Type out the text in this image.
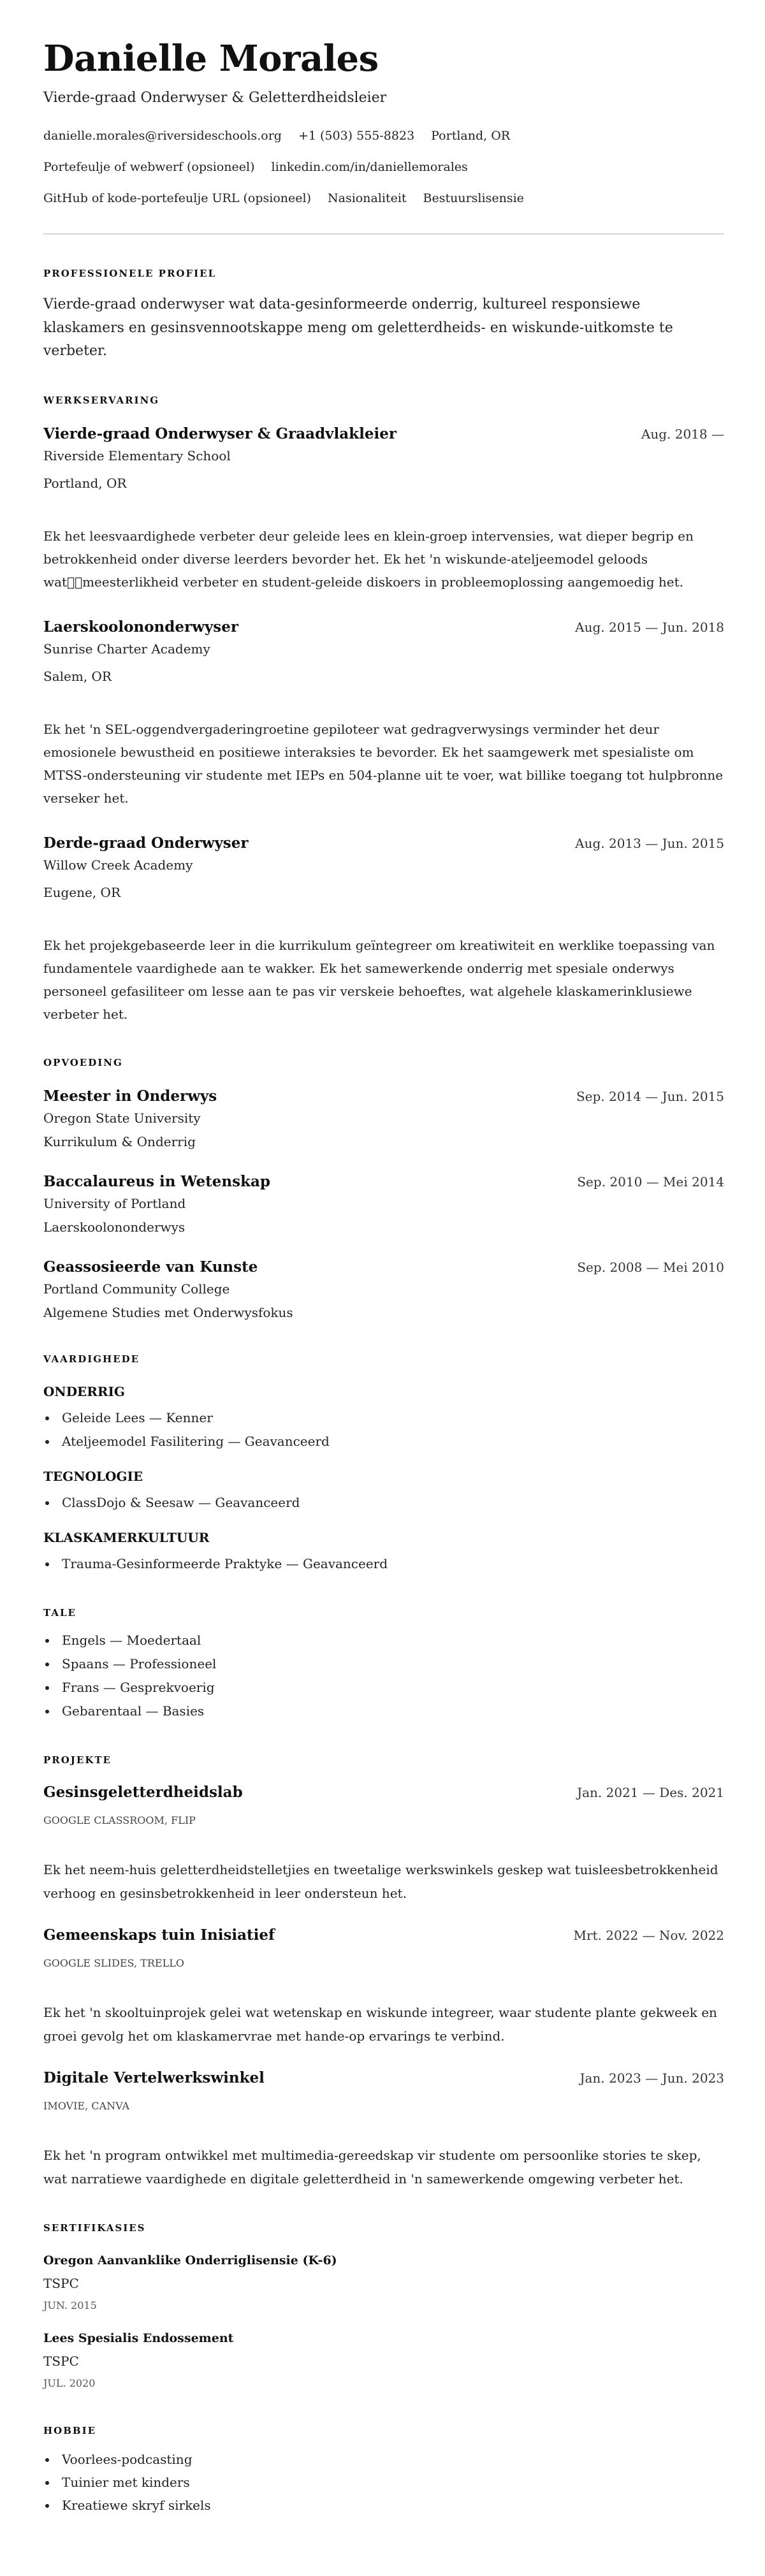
Danielle Morales
Vierde-graad Onderwyser & Geletterdheidsleier
danielle.morales@riversideschools.org +1 (503) 555-8823 Portland, OR
Portefeulje of webwerf (opsioneel) linkedin.com/in/daniellemorales
GitHub of kode-portefeulje URL (opsioneel) Nasionaliteit Bestuurslisensie
PROFESSIONELE PROFIEL

Vierde-graad onderwyser wat data-gesinformeerde onderrig, kultureel responsiewe klaskamers en gesinsvennootskappe meng om geletterdheids- en wiskunde-uitkomste te verbeter.

WERKSERVARING
Vierde-graad Onderwyser & Graadvlakleier	Aug. 2018 —
Riverside Elementary School
Portland, OR
Ek het leesvaardighede verbeter deur geleide lees en klein-groep intervensies, wat dieper begrip en betrokkenheid onder diverse leerders bevorder het. Ek het 'n wiskunde-ateljeemodel geloods wat meesterlikheid verbeter en student-geleide diskoers in probleemoplossing aangemoedig het.
Laerskoolononderwyser	Aug. 2015 — Jun. 2018
Sunrise Charter Academy
Salem, OR
Ek het 'n SEL-oggendvergaderingroetine gepiloteer wat gedragverwysings verminder het deur emosionele bewustheid en positiewe interaksies te bevorder. Ek het saamgewerk met spesialiste om MTSS-ondersteuning vir studente met IEPs en 504-planne uit te voer, wat billike toegang tot hulpbronne verseker het.
Derde-graad Onderwyser	Aug. 2013 — Jun. 2015
Willow Creek Academy
Eugene, OR
Ek het projekgebaseerde leer in die kurrikulum geïntegreer om kreatiwiteit en werklike toepassing van fundamentele vaardighede aan te wakker. Ek het samewerkende onderrig met spesiale onderwys personeel gefasiliteer om lesse aan te pas vir verskeie behoeftes, wat algehele klaskamerinklusiewe verbeter het.
OPVOEDING
Meester in Onderwys	Sep. 2014 — Jun. 2015
Oregon State University
Kurrikulum & Onderrig
Baccalaureus in Wetenskap	Sep. 2010 — Mei 2014
University of Portland
Laerskoolononderwys
Geassosieerde van Kunste	Sep. 2008 — Mei 2010
Portland Community College
Algemene Studies met Onderwysfokus
VAARDIGHEDE
ONDERRIG
Geleide Lees — Kenner
Ateljeemodel Fasilitering — Geavanceerd
TEGNOLOGIE
ClassDojo & Seesaw — Geavanceerd
KLASKAMERKULTUUR
Trauma-Gesinformeerde Praktyke — Geavanceerd
TALE
Engels — Moedertaal
Spaans — Professioneel
Frans — Gesprekvoerig
Gebarentaal — Basies
PROJEKTE
Gesinsgeletterdheidslab	Jan. 2021 — Des. 2021
GOOGLE CLASSROOM, FLIP
Ek het neem-huis geletterdheidstelletjies en tweetalige werkswinkels geskep wat tuisleesbetrokkenheid verhoog en gesinsbetrokkenheid in leer ondersteun het.
Gemeenskaps tuin Inisiatief	Mrt. 2022 — Nov. 2022
GOOGLE SLIDES, TRELLO
Ek het 'n skooltuinprojek gelei wat wetenskap en wiskunde integreer, waar studente plante gekweek en groei gevolg het om klaskamervrae met hande-op ervarings te verbind.
Digitale Vertelwerkswinkel	Jan. 2023 — Jun. 2023
IMOVIE, CANVA
Ek het 'n program ontwikkel met multimedia-gereedskap vir studente om persoonlike stories te skep, wat narratiewe vaardighede en digitale geletterdheid in 'n samewerkende omgewing verbeter het.
SERTIFIKASIES
Oregon Aanvanklike Onderriglisensie (K-6)
TSPC
JUN. 2015
Lees Spesialis Endossement
TSPC
JUL. 2020
HOBBIE
Voorlees-podcasting
Tuinier met kinders
Kreatiewe skryf sirkels
